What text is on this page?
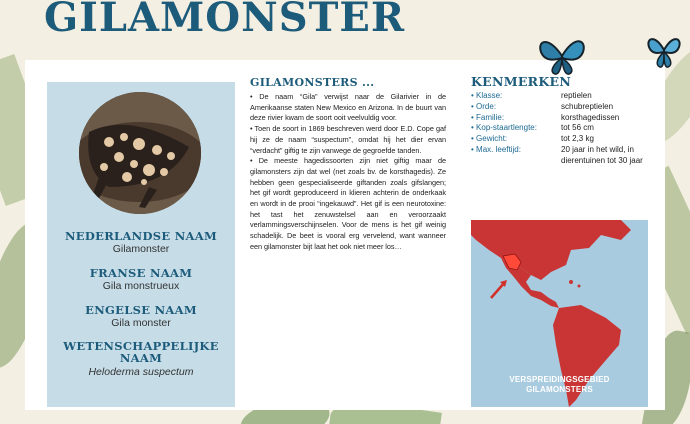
GILAMONSTER
NEDERLANDSE NAAM
Gilamonster
FRANSE NAAM
Gila monstrueux
ENGELSE NAAM
Gila monster
WETENSCHAPPELIJKE NAAM
Heloderma suspectum
GILAMONSTERS ...

• De naam “Gila” verwijst naar de Gilarivier in de Amerikaanse staten New Mexico en Arizona. In de buurt van deze rivier kwam de soort ooit veelvuldig voor.

• Toen de soort in 1869 beschreven werd door E.D. Cope gaf hij ze de naam “suspectum”, omdat hij het dier ervan “verdacht” giftig te zijn vanwege de gegroefde tanden.

• De meeste hagedissoorten zijn niet giftig maar de gilamonsters zijn dat wel (net zoals bv. de korsthagedis). Ze hebben geen gespecialiseerde giftanden zoals gifslangen; het gif wordt geproduceerd in klieren achterin de onderkaak en wordt in de prooi “ingekauwd”. Het gif is een neurotoxine: het tast het zenuwstelsel aan en veroorzaakt verlammingsverschijnselen. Voor de mens is het gif weinig schadelijk. De beet is vooral erg vervelend, want wanneer een gilamonster bijt laat het ook niet meer los…

KENMERKEN
• Klasse:	reptielen
• Orde:	schubreptielen
• Familie:	korsthagedissen
• Kop-staartlengte:	tot 56 cm
• Gewicht:	tot 2,3 kg
• Max. leeftijd:	20 jaar in het wild, in dierentuinen tot 30 jaar
VERSPREIDINGSGEBIED
GILAMONSTERS
